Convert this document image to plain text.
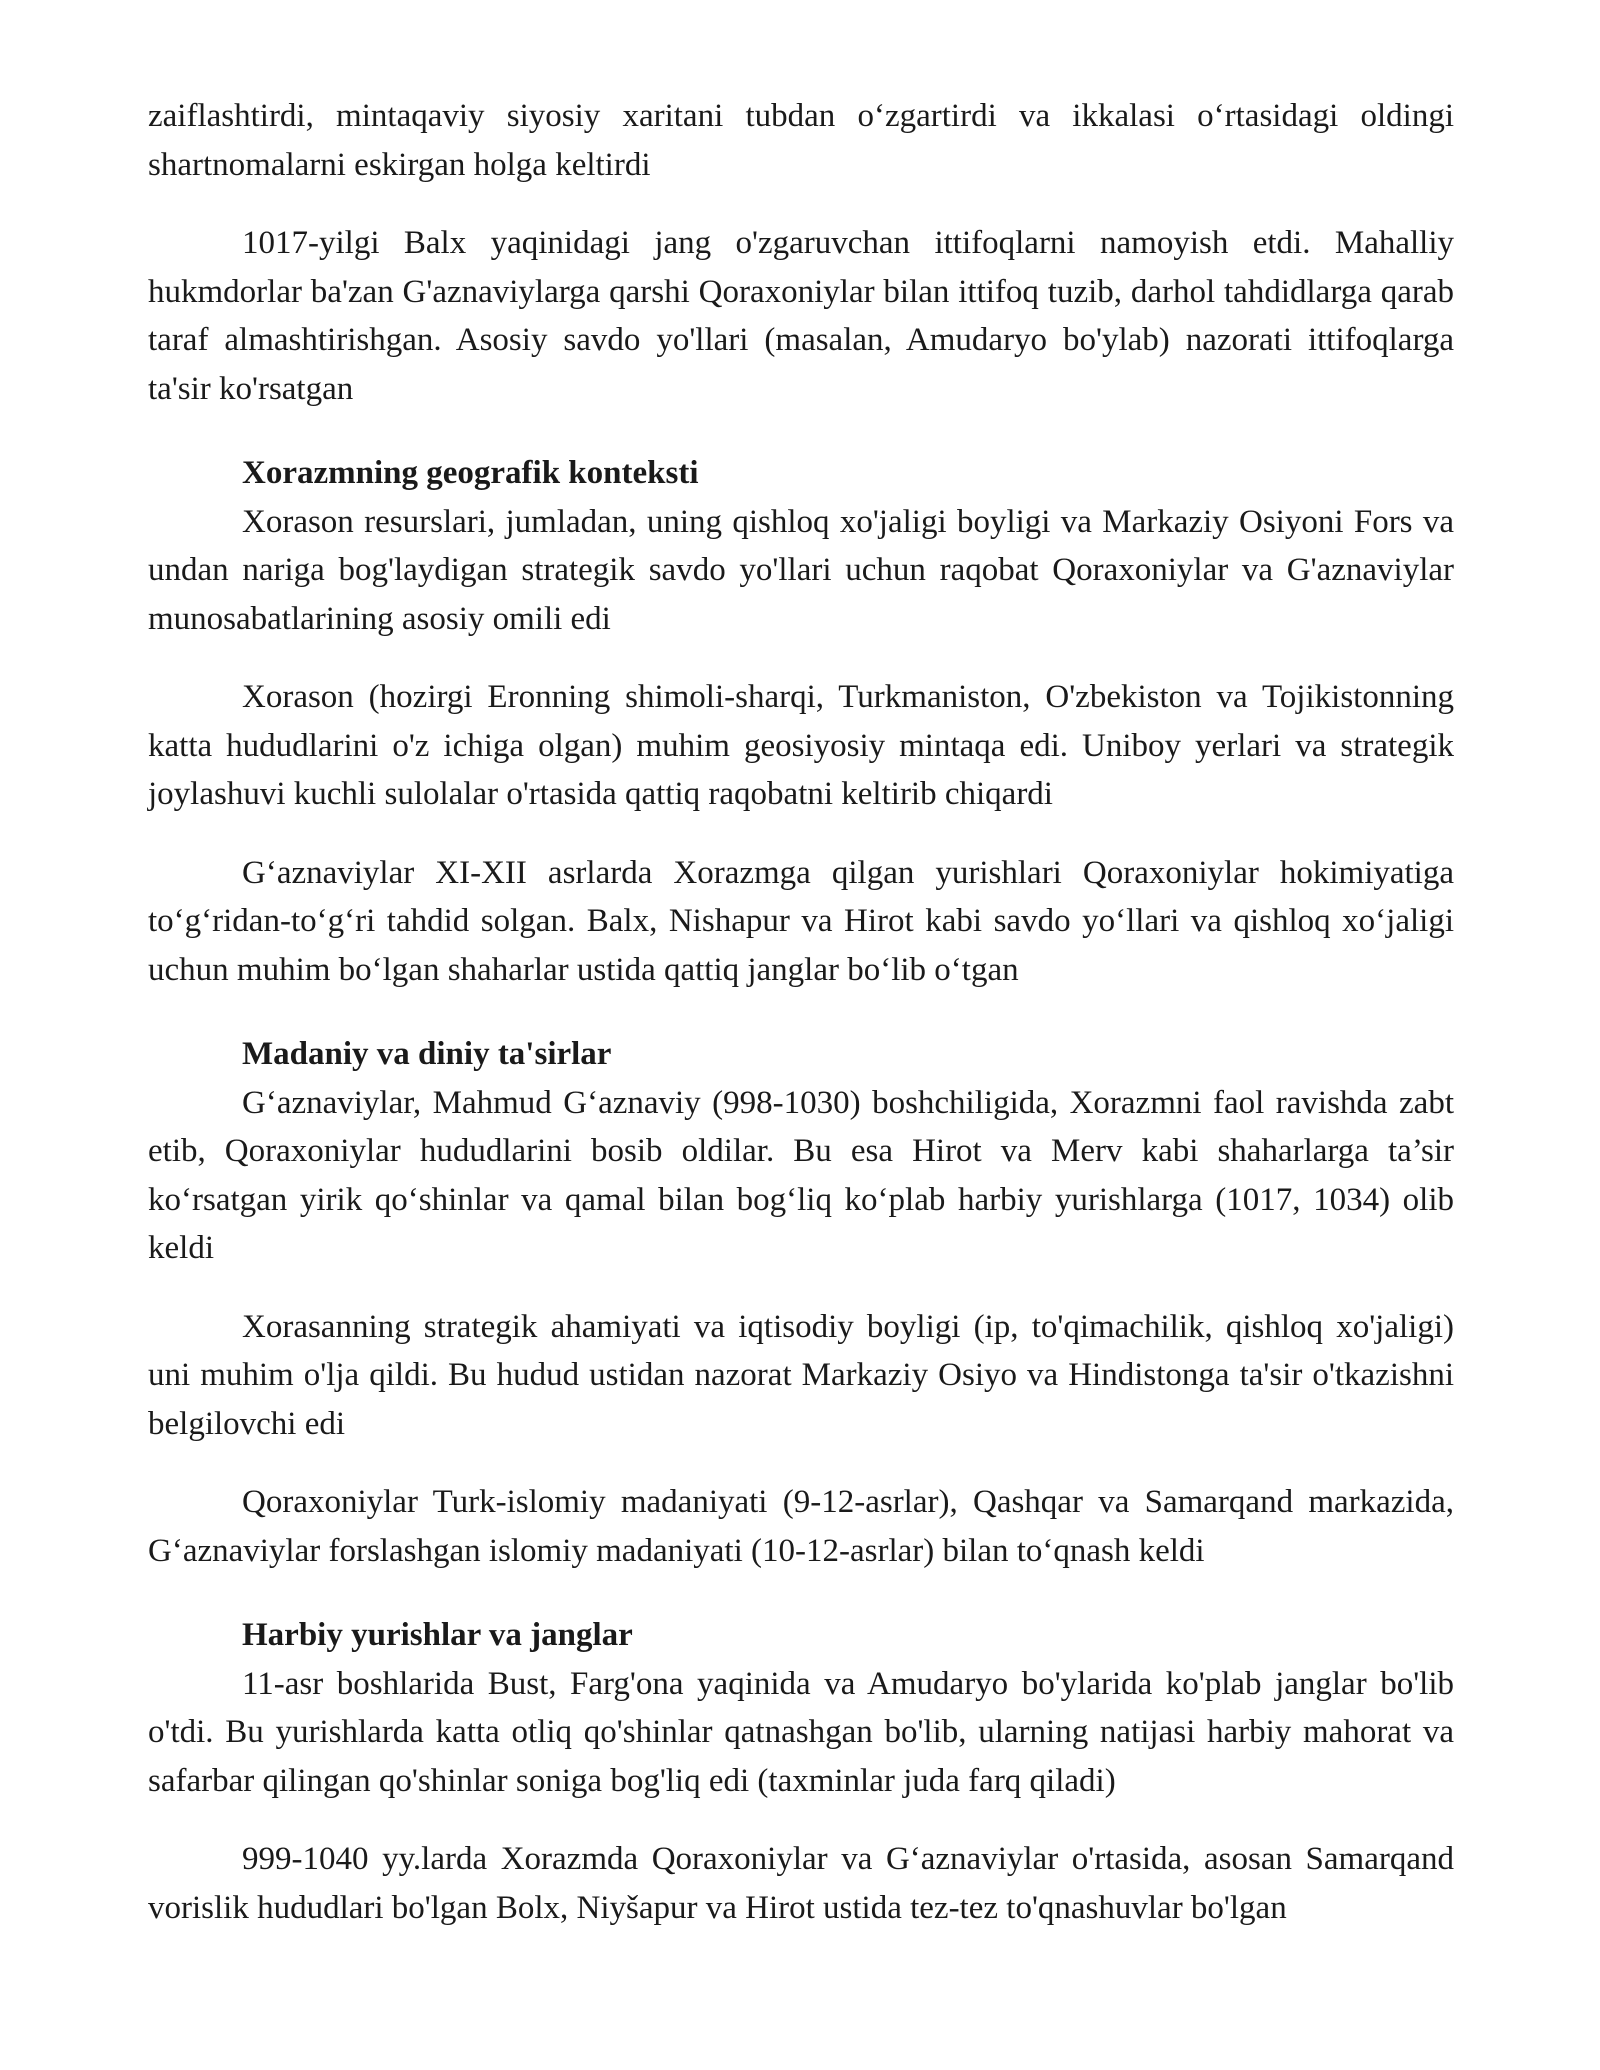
zaiflashtirdi, mintaqaviy siyosiy xaritani tubdan o‘zgartirdi va ikkalasi o‘rtasidagi oldingi shartnomalarni eskirgan holga keltirdi

1017-yilgi Balx yaqinidagi jang o'zgaruvchan ittifoqlarni namoyish etdi. Mahalliy hukmdorlar ba'zan G'aznaviylarga qarshi Qoraxoniylar bilan ittifoq tuzib, darhol tahdidlarga qarab taraf almashtirishgan. Asosiy savdo yo'llari (masalan, Amudaryo bo'ylab) nazorati ittifoqlarga ta'sir ko'rsatgan

Xorazmning geografik konteksti

Xorason resurslari, jumladan, uning qishloq xo'jaligi boyligi va Markaziy Osiyoni Fors va undan nariga bog'laydigan strategik savdo yo'llari uchun raqobat Qoraxoniylar va G'aznaviylar munosabatlarining asosiy omili edi

Xorason (hozirgi Eronning shimoli-sharqi, Turkmaniston, O'zbekiston va Tojikistonning katta hududlarini o'z ichiga olgan) muhim geosiyosiy mintaqa edi. Uniboy yerlari va strategik joylashuvi kuchli sulolalar o'rtasida qattiq raqobatni keltirib chiqardi

G‘aznaviylar XI-XII asrlarda Xorazmga qilgan yurishlari Qoraxoniylar hokimiyatiga to‘g‘ridan-to‘g‘ri tahdid solgan. Balx, Nishapur va Hirot kabi savdo yo‘llari va qishloq xo‘jaligi uchun muhim bo‘lgan shaharlar ustida qattiq janglar bo‘lib o‘tgan

Madaniy va diniy ta'sirlar

G‘aznaviylar, Mahmud G‘aznaviy (998-1030) boshchiligida, Xorazmni faol ravishda zabt etib, Qoraxoniylar hududlarini bosib oldilar. Bu esa Hirot va Merv kabi shaharlarga ta’sir ko‘rsatgan yirik qo‘shinlar va qamal bilan bog‘liq ko‘plab harbiy yurishlarga (1017, 1034) olib keldi

Xorasanning strategik ahamiyati va iqtisodiy boyligi (ip, to'qimachilik, qishloq xo'jaligi) uni muhim o'lja qildi. Bu hudud ustidan nazorat Markaziy Osiyo va Hindistonga ta'sir o'tkazishni belgilovchi edi

Qoraxoniylar Turk-islomiy madaniyati (9-12-asrlar), Qashqar va Samarqand markazida, G‘aznaviylar forslashgan islomiy madaniyati (10-12-asrlar) bilan to‘qnash keldi

Harbiy yurishlar va janglar

11-asr boshlarida Bust, Farg'ona yaqinida va Amudaryo bo'ylarida ko'plab janglar bo'lib o'tdi. Bu yurishlarda katta otliq qo'shinlar qatnashgan bo'lib, ularning natijasi harbiy mahorat va safarbar qilingan qo'shinlar soniga bog'liq edi (taxminlar juda farq qiladi)

999-1040 yy.larda Xorazmda Qoraxoniylar va G‘aznaviylar o'rtasida, asosan Samarqand vorislik hududlari bo'lgan Bolx, Niyšapur va Hirot ustida tez-tez to'qnashuvlar bo'lgan
